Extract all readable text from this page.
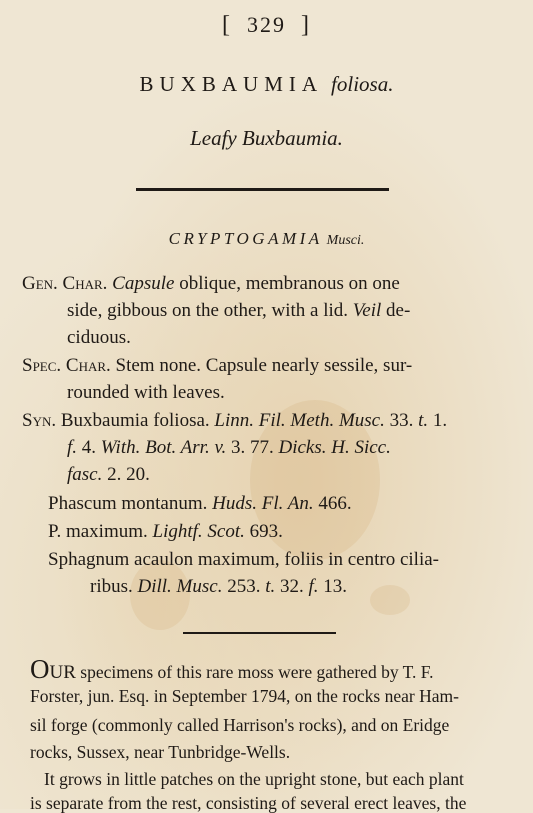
[ 329 ]
BUXBAUMIA foliosa.
Leafy Buxbaumia.
CRYPTOGAMIA Musci.
Gen. Char. Capsule oblique, membranous on one
side, gibbous on the other, with a lid. Veil de-
ciduous.
Spec. Char. Stem none. Capsule nearly sessile, sur-
rounded with leaves.
Syn. Buxbaumia foliosa. Linn. Fil. Meth. Musc. 33. t. 1.
f. 4. With. Bot. Arr. v. 3. 77. Dicks. H. Sicc.
fasc. 2. 20.
Phascum montanum. Huds. Fl. An. 466.
P. maximum. Lightf. Scot. 693.
Sphagnum acaulon maximum, foliis in centro cilia-
ribus. Dill. Musc. 253. t. 32. f. 13.
Our specimens of this rare moss were gathered by T. F.
Forster, jun. Esq. in September 1794, on the rocks near Ham-
sil forge (commonly called Harrison's rocks), and on Eridge
rocks, Sussex, near Tunbridge-Wells.
It grows in little patches on the upright stone, but each plant
is separate from the rest, consisting of several erect leaves, the
